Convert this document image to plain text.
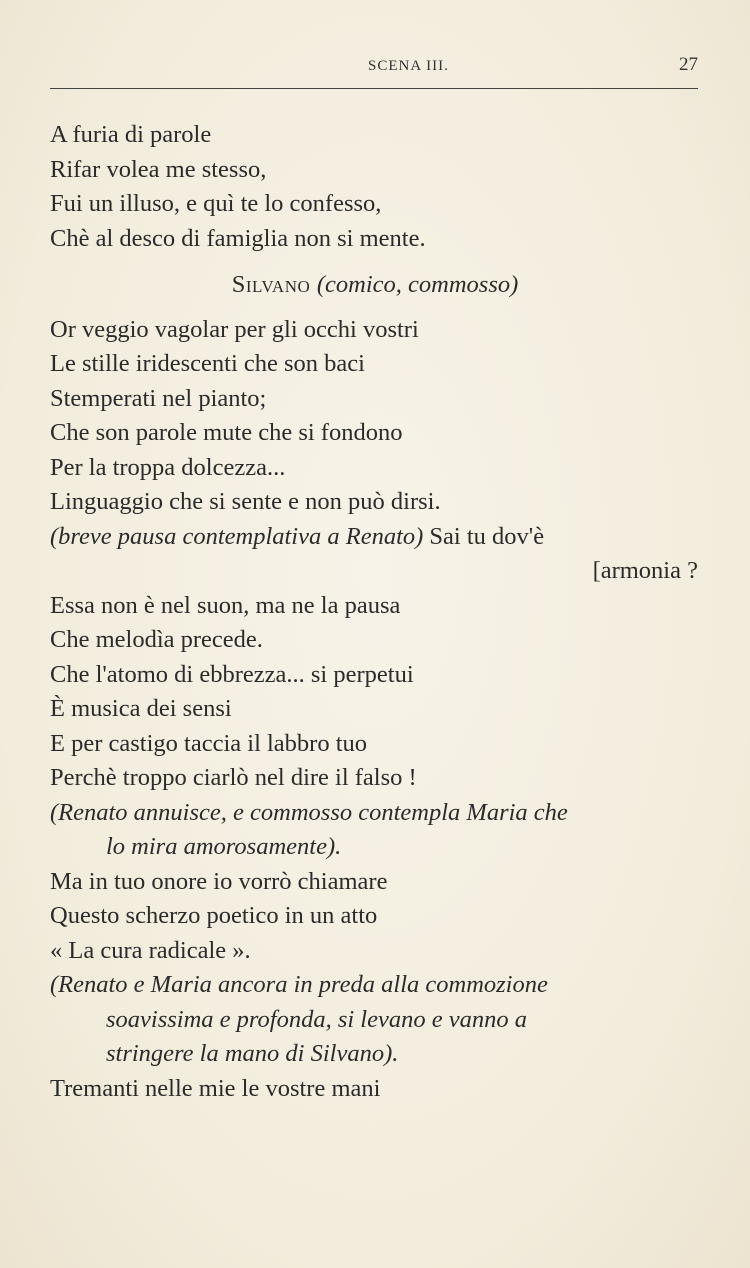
SCENA III.	27
A furia di parole
Rifar volea me stesso,
Fui un illuso, e quì te lo confesso,
Chè al desco di famiglia non si mente.
Silvano (comico, commosso)
Or veggio vagolar per gli occhi vostri
Le stille iridescenti che son baci
Stemperati nel pianto;
Che son parole mute che si fondono
Per la troppa dolcezza...
Linguaggio che si sente e non può dirsi.
(breve pausa contemplativa a Renato) Sai tu dov'è
[armonia ?
Essa non è nel suon, ma ne la pausa
Che melodìa precede.
Che l'atomo di ebbrezza... si perpetui
È musica dei sensi
E per castigo taccia il labbro tuo
Perchè troppo ciarlò nel dire il falso !
(Renato annuisce, e commosso contempla Maria che
lo mira amorosamente).
Ma in tuo onore io vorrò chiamare
Questo scherzo poetico in un atto
« La cura radicale ».
(Renato e Maria ancora in preda alla commozione
soavissima e profonda, si levano e vanno a
stringere la mano di Silvano).
Tremanti nelle mie le vostre mani
